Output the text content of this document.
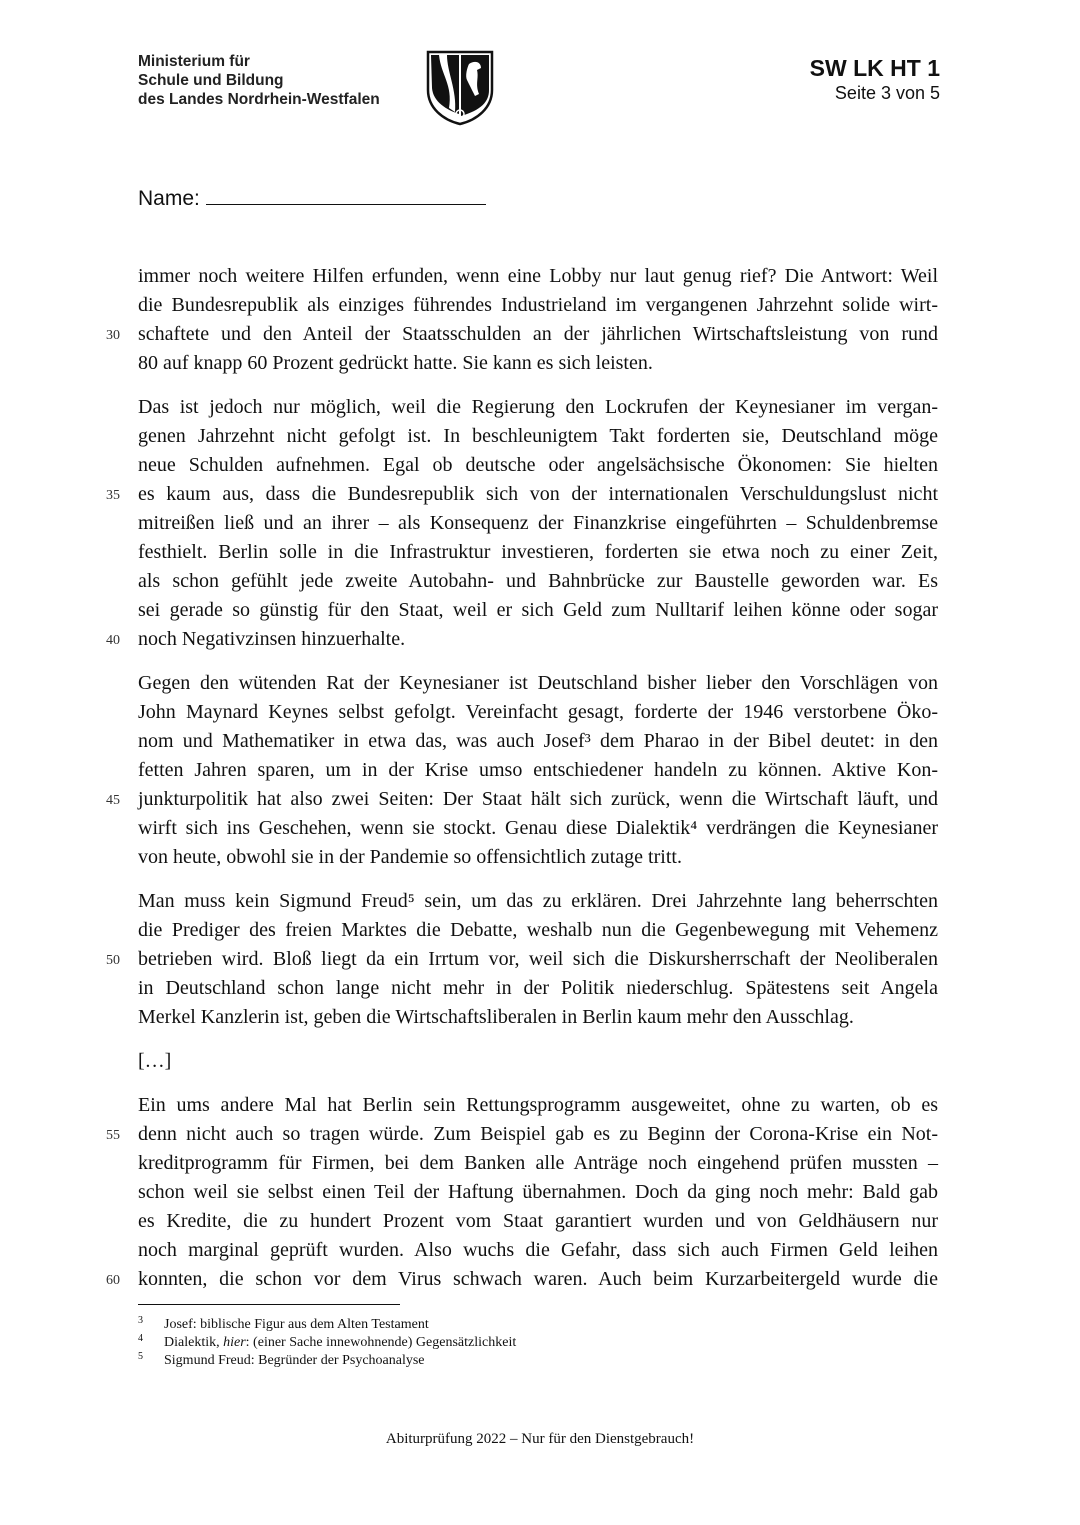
Ministerium für
Schule und Bildung
des Landes Nordrhein-Westfalen
SW LK HT 1
Seite 3 von 5
Name:
immer noch weitere Hilfen erfunden, wenn eine Lobby nur laut genug rief? Die Antwort: Weil
die Bundesrepublik als einziges führendes Industrieland im vergangenen Jahrzehnt solide wirt-
30 schaftete und den Anteil der Staatsschulden an der jährlichen Wirtschaftsleistung von rund
80 auf knapp 60 Prozent gedrückt hatte. Sie kann es sich leisten.
Das ist jedoch nur möglich, weil die Regierung den Lockrufen der Keynesianer im vergan-
genen Jahrzehnt nicht gefolgt ist. In beschleunigtem Takt forderten sie, Deutschland möge
neue Schulden aufnehmen. Egal ob deutsche oder angelsächsische Ökonomen: Sie hielten
35 es kaum aus, dass die Bundesrepublik sich von der internationalen Verschuldungslust nicht
mitreißen ließ und an ihrer – als Konsequenz der Finanzkrise eingeführten – Schuldenbremse
festhielt. Berlin solle in die Infrastruktur investieren, forderten sie etwa noch zu einer Zeit,
als schon gefühlt jede zweite Autobahn- und Bahnbrücke zur Baustelle geworden war. Es
sei gerade so günstig für den Staat, weil er sich Geld zum Nulltarif leihen könne oder sogar
40 noch Negativzinsen hinzuerhalte.
Gegen den wütenden Rat der Keynesianer ist Deutschland bisher lieber den Vorschlägen von
John Maynard Keynes selbst gefolgt. Vereinfacht gesagt, forderte der 1946 verstorbene Öko-
nom und Mathematiker in etwa das, was auch Josef³ dem Pharao in der Bibel deutet: in den
fetten Jahren sparen, um in der Krise umso entschiedener handeln zu können. Aktive Kon-
45 junkturpolitik hat also zwei Seiten: Der Staat hält sich zurück, wenn die Wirtschaft läuft, und
wirft sich ins Geschehen, wenn sie stockt. Genau diese Dialektik⁴ verdrängen die Keynesianer
von heute, obwohl sie in der Pandemie so offensichtlich zutage tritt.
Man muss kein Sigmund Freud⁵ sein, um das zu erklären. Drei Jahrzehnte lang beherrschten
die Prediger des freien Marktes die Debatte, weshalb nun die Gegenbewegung mit Vehemenz
50 betrieben wird. Bloß liegt da ein Irrtum vor, weil sich die Diskursherrschaft der Neoliberalen
in Deutschland schon lange nicht mehr in der Politik niederschlug. Spätestens seit Angela
Merkel Kanzlerin ist, geben die Wirtschaftsliberalen in Berlin kaum mehr den Ausschlag.
[…]
Ein ums andere Mal hat Berlin sein Rettungsprogramm ausgeweitet, ohne zu warten, ob es
55 denn nicht auch so tragen würde. Zum Beispiel gab es zu Beginn der Corona-Krise ein Not-
kreditprogramm für Firmen, bei dem Banken alle Anträge noch eingehend prüfen mussten –
schon weil sie selbst einen Teil der Haftung übernahmen. Doch da ging noch mehr: Bald gab
es Kredite, die zu hundert Prozent vom Staat garantiert wurden und von Geldhäusern nur
noch marginal geprüft wurden. Also wuchs die Gefahr, dass sich auch Firmen Geld leihen
60 konnten, die schon vor dem Virus schwach waren. Auch beim Kurzarbeitergeld wurde die
3 Josef: biblische Figur aus dem Alten Testament
4 Dialektik, hier: (einer Sache innewohnende) Gegensätzlichkeit
5 Sigmund Freud: Begründer der Psychoanalyse
Abiturprüfung 2022 – Nur für den Dienstgebrauch!
